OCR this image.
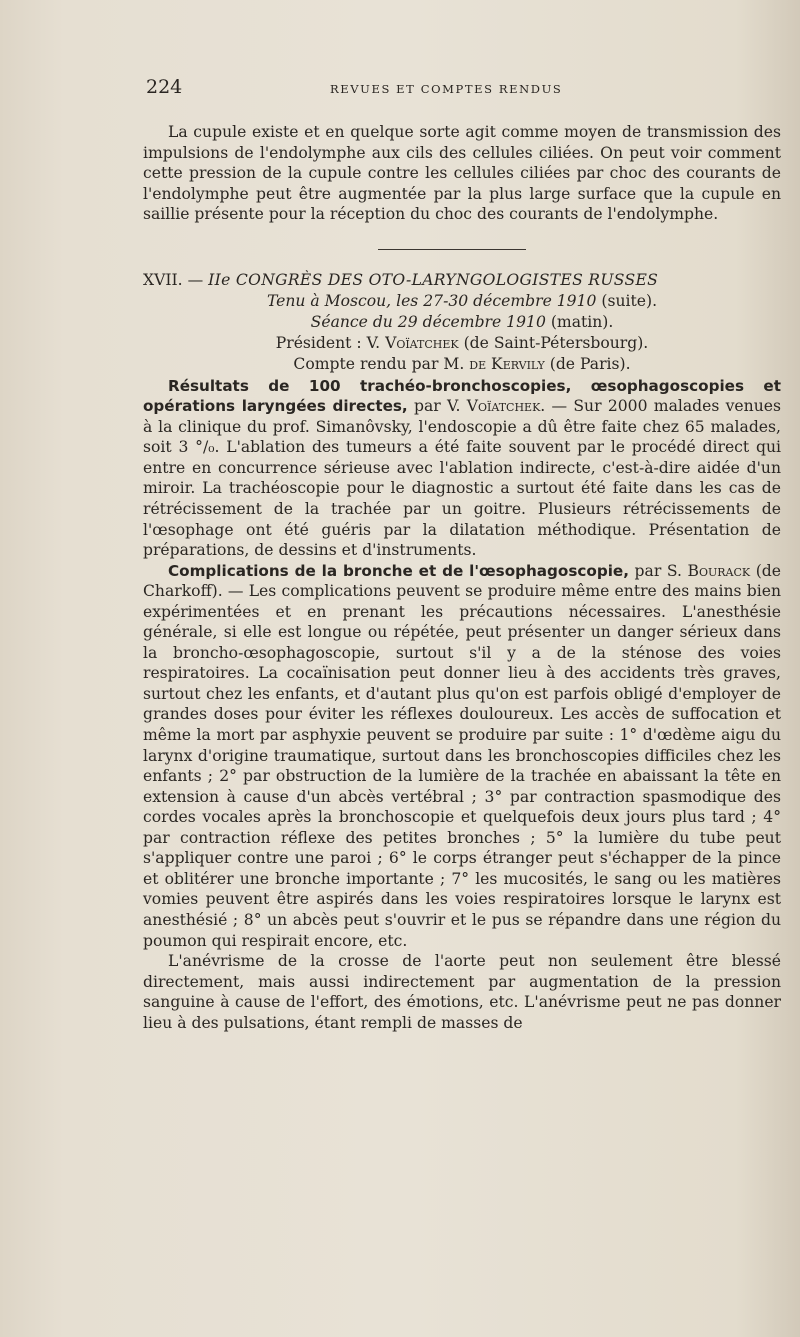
224	REVUES ET COMPTES RENDUS

La cupule existe et en quelque sorte agit comme moyen de transmission des impulsions de l'endolymphe aux cils des cellules ciliées. On peut voir comment cette pression de la cupule contre les cellules ciliées par choc des courants de l'endolymphe peut être augmentée par la plus large surface que la cupule en saillie présente pour la réception du choc des courants de l'endolymphe.

XVII. — IIe CONGRÈS DES OTO-LARYNGOLOGISTES RUSSES

Tenu à Moscou, les 27-30 décembre 1910 (suite).

Séance du 29 décembre 1910 (matin).

Président : V. Voïatchek (de Saint-Pétersbourg).

Compte rendu par M. de Kervily (de Paris).

Résultats de 100 trachéo-bronchoscopies, œsophagoscopies et opérations laryngées directes, par V. Voïatchek. — Sur 2000 malades venues à la clinique du prof. Simanôvsky, l'endoscopie a dû être faite chez 65 malades, soit 3 °/₀. L'ablation des tumeurs a été faite souvent par le procédé direct qui entre en concurrence sérieuse avec l'ablation indirecte, c'est-à-dire aidée d'un miroir. La trachéoscopie pour le diagnostic a surtout été faite dans les cas de rétrécissement de la trachée par un goitre. Plusieurs rétrécissements de l'œsophage ont été guéris par la dilatation méthodique. Présentation de préparations, de dessins et d'instruments.

Complications de la bronche et de l'œsophagoscopie, par S. Bourack (de Charkoff). — Les complications peuvent se produire même entre des mains bien expérimentées et en prenant les précautions nécessaires. L'anesthésie générale, si elle est longue ou répétée, peut présenter un danger sérieux dans la broncho-œsophagoscopie, surtout s'il y a de la sténose des voies respiratoires. La cocaïnisation peut donner lieu à des accidents très graves, surtout chez les enfants, et d'autant plus qu'on est parfois obligé d'employer de grandes doses pour éviter les réflexes douloureux. Les accès de suffocation et même la mort par asphyxie peuvent se produire par suite : 1° d'œdème aigu du larynx d'origine traumatique, surtout dans les bronchoscopies difficiles chez les enfants ; 2° par obstruction de la lumière de la trachée en abaissant la tête en extension à cause d'un abcès vertébral ; 3° par contraction spasmodique des cordes vocales après la bronchoscopie et quelquefois deux jours plus tard ; 4° par contraction réflexe des petites bronches ; 5° la lumière du tube peut s'appliquer contre une paroi ; 6° le corps étranger peut s'échapper de la pince et oblitérer une bronche importante ; 7° les mucosités, le sang ou les matières vomies peuvent être aspirés dans les voies respiratoires lorsque le larynx est anesthésié ; 8° un abcès peut s'ouvrir et le pus se répandre dans une région du poumon qui respirait encore, etc.

L'anévrisme de la crosse de l'aorte peut non seulement être blessé directement, mais aussi indirectement par augmentation de la pression sanguine à cause de l'effort, des émotions, etc. L'anévrisme peut ne pas donner lieu à des pulsations, étant rempli de masses de
